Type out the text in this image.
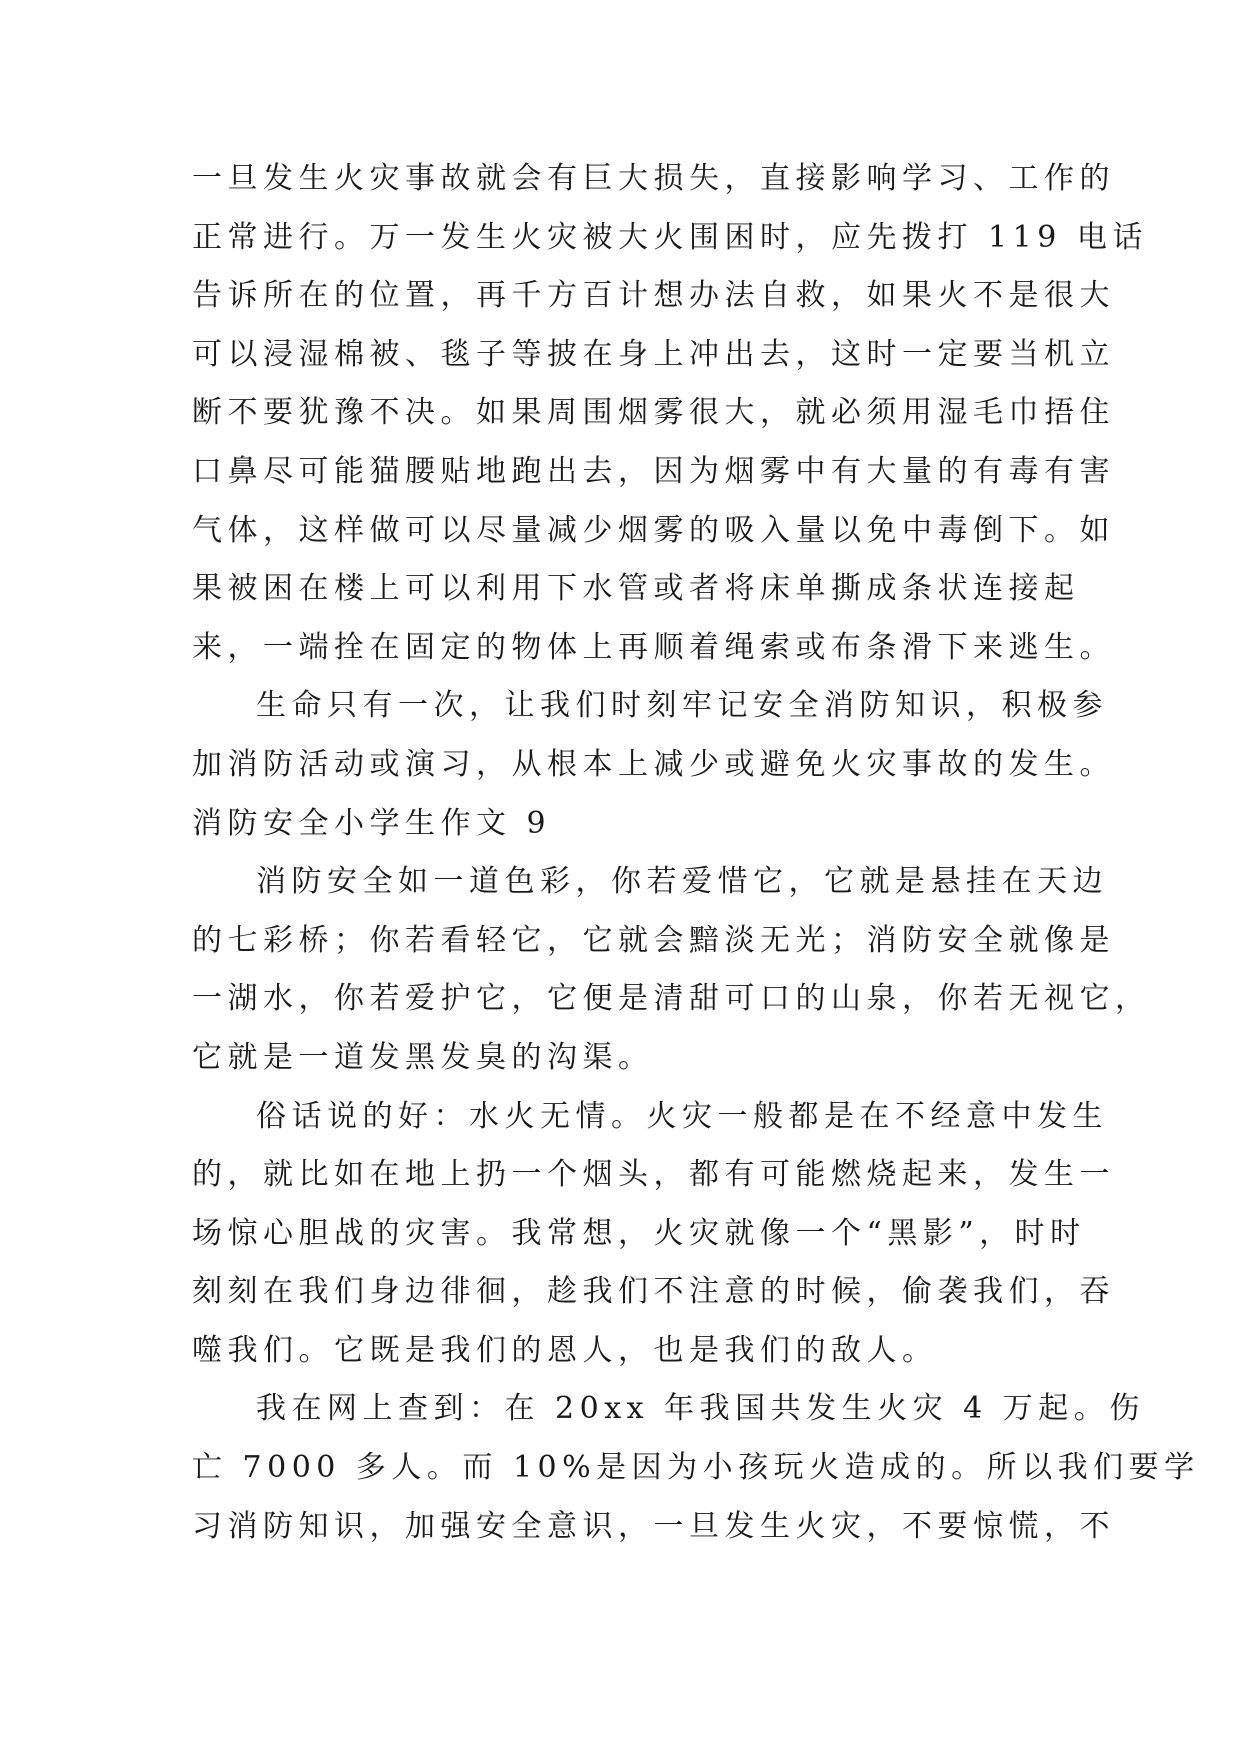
一旦发生火灾事故就会有巨大损失，直接影响学习、工作的
正常进行。万一发生火灾被大火围困时，应先拨打 119 电话
告诉所在的位置，再千方百计想办法自救，如果火不是很大
可以浸湿棉被、毯子等披在身上冲出去，这时一定要当机立
断不要犹豫不决。如果周围烟雾很大，就必须用湿毛巾捂住
口鼻尽可能猫腰贴地跑出去，因为烟雾中有大量的有毒有害
气体，这样做可以尽量减少烟雾的吸入量以免中毒倒下。如
果被困在楼上可以利用下水管或者将床单撕成条状连接起
来，一端拴在固定的物体上再顺着绳索或布条滑下来逃生。
生命只有一次，让我们时刻牢记安全消防知识，积极参
加消防活动或演习，从根本上减少或避免火灾事故的发生。
消防安全小学生作文 9
消防安全如一道色彩，你若爱惜它，它就是悬挂在天边
的七彩桥；你若看轻它，它就会黯淡无光；消防安全就像是
一湖水，你若爱护它，它便是清甜可口的山泉，你若无视它，
它就是一道发黑发臭的沟渠。
俗话说的好：水火无情。火灾一般都是在不经意中发生
的，就比如在地上扔一个烟头，都有可能燃烧起来，发生一
场惊心胆战的灾害。我常想，火灾就像一个“黑影”，时时
刻刻在我们身边徘徊，趁我们不注意的时候，偷袭我们，吞
噬我们。它既是我们的恩人，也是我们的敌人。
我在网上查到：在 20xx 年我国共发生火灾 4 万起。伤
亡 7000 多人。而 10%是因为小孩玩火造成的。所以我们要学
习消防知识，加强安全意识，一旦发生火灾，不要惊慌，不
